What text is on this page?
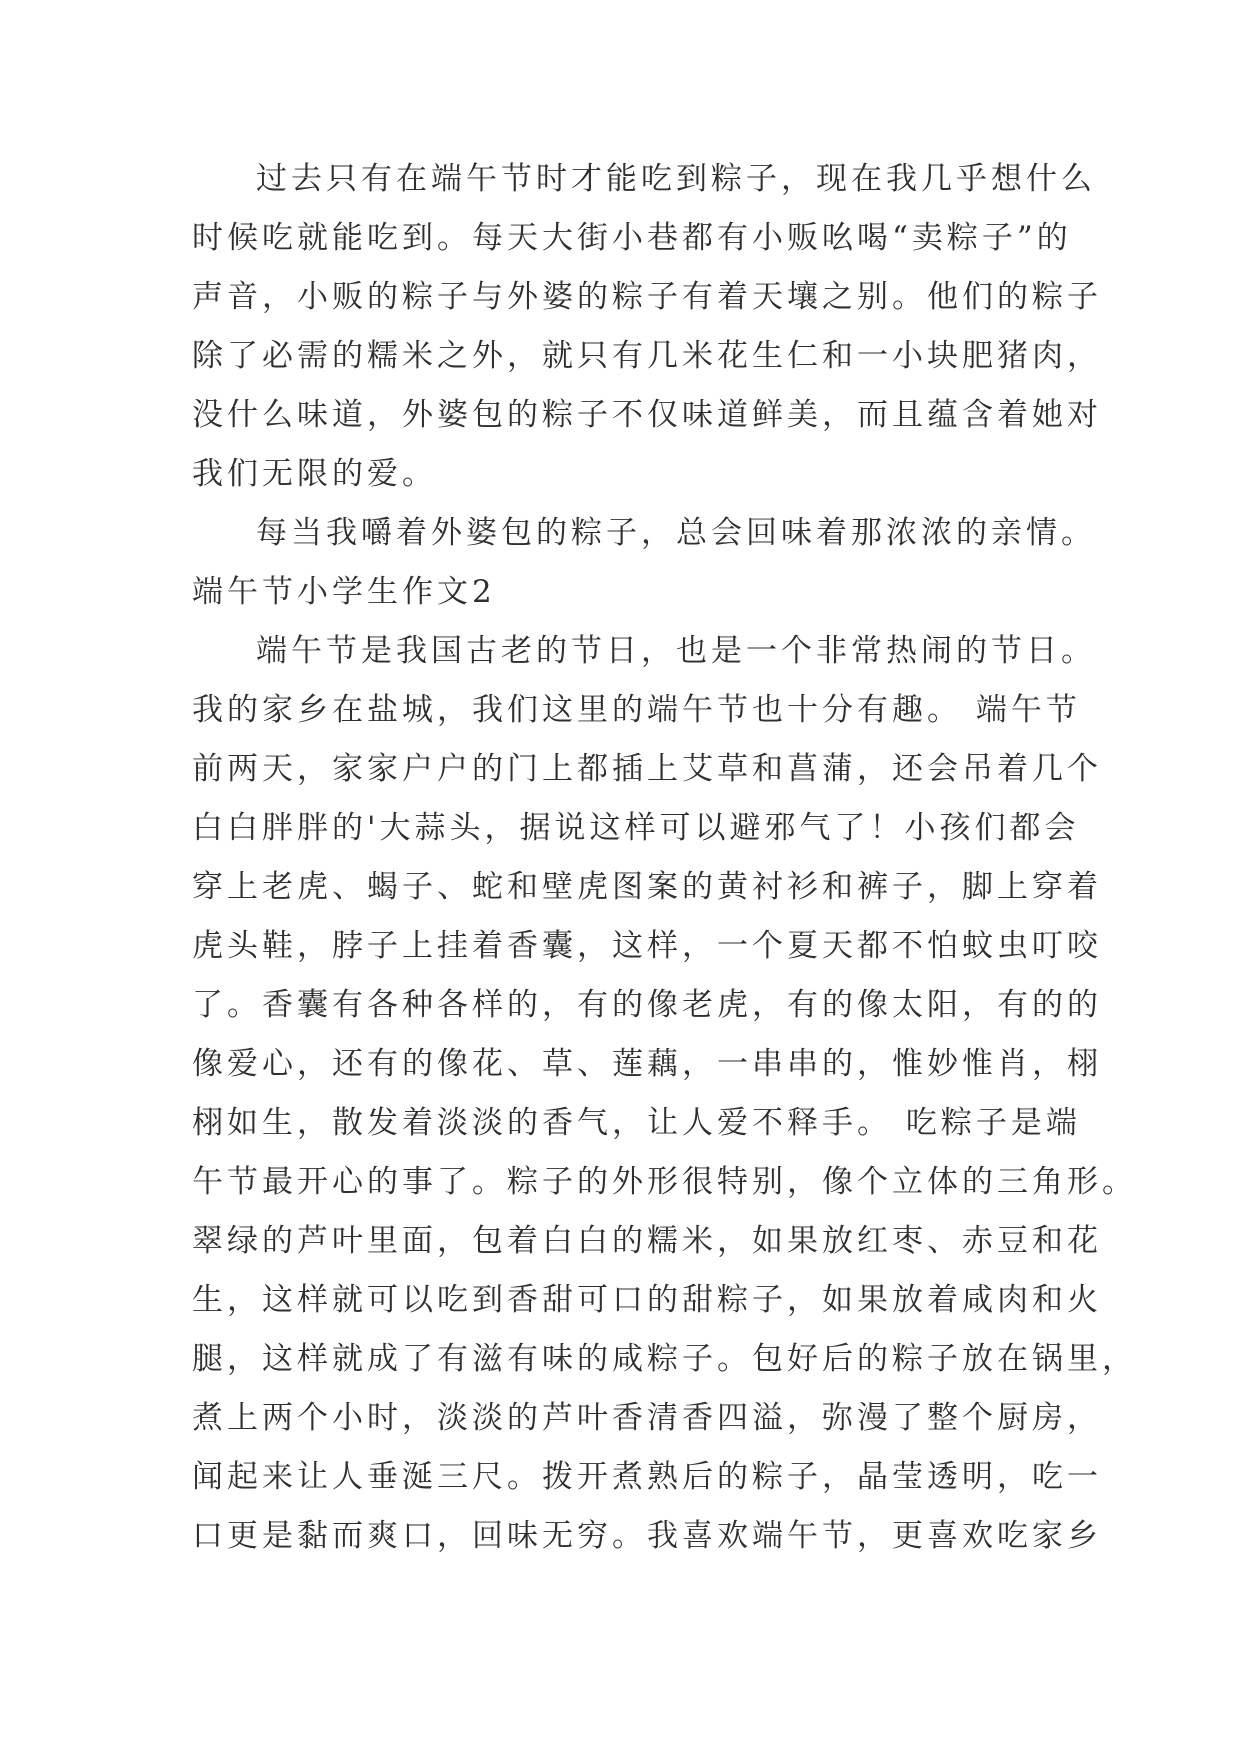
过去只有在端午节时才能吃到粽子，现在我几乎想什么
时候吃就能吃到。每天大街小巷都有小贩吆喝“卖粽子”的
声音，小贩的粽子与外婆的粽子有着天壤之别。他们的粽子
除了必需的糯米之外，就只有几米花生仁和一小块肥猪肉，
没什么味道，外婆包的粽子不仅味道鲜美，而且蕴含着她对
我们无限的爱。
每当我嚼着外婆包的粽子，总会回味着那浓浓的亲情。
端午节小学生作文2
端午节是我国古老的节日，也是一个非常热闹的节日。
我的家乡在盐城，我们这里的端午节也十分有趣。 端午节
前两天，家家户户的门上都插上艾草和菖蒲，还会吊着几个
白白胖胖的'大蒜头，据说这样可以避邪气了！小孩们都会
穿上老虎、蝎子、蛇和壁虎图案的黄衬衫和裤子，脚上穿着
虎头鞋，脖子上挂着香囊，这样，一个夏天都不怕蚊虫叮咬
了。香囊有各种各样的，有的像老虎，有的像太阳，有的的
像爱心，还有的像花、草、莲藕，一串串的，惟妙惟肖，栩
栩如生，散发着淡淡的香气，让人爱不释手。 吃粽子是端
午节最开心的事了。粽子的外形很特别，像个立体的三角形。
翠绿的芦叶里面，包着白白的糯米，如果放红枣、赤豆和花
生，这样就可以吃到香甜可口的甜粽子，如果放着咸肉和火
腿，这样就成了有滋有味的咸粽子。包好后的粽子放在锅里，
煮上两个小时，淡淡的芦叶香清香四溢，弥漫了整个厨房，
闻起来让人垂涎三尺。拨开煮熟后的粽子，晶莹透明，吃一
口更是黏而爽口，回味无穷。我喜欢端午节，更喜欢吃家乡
